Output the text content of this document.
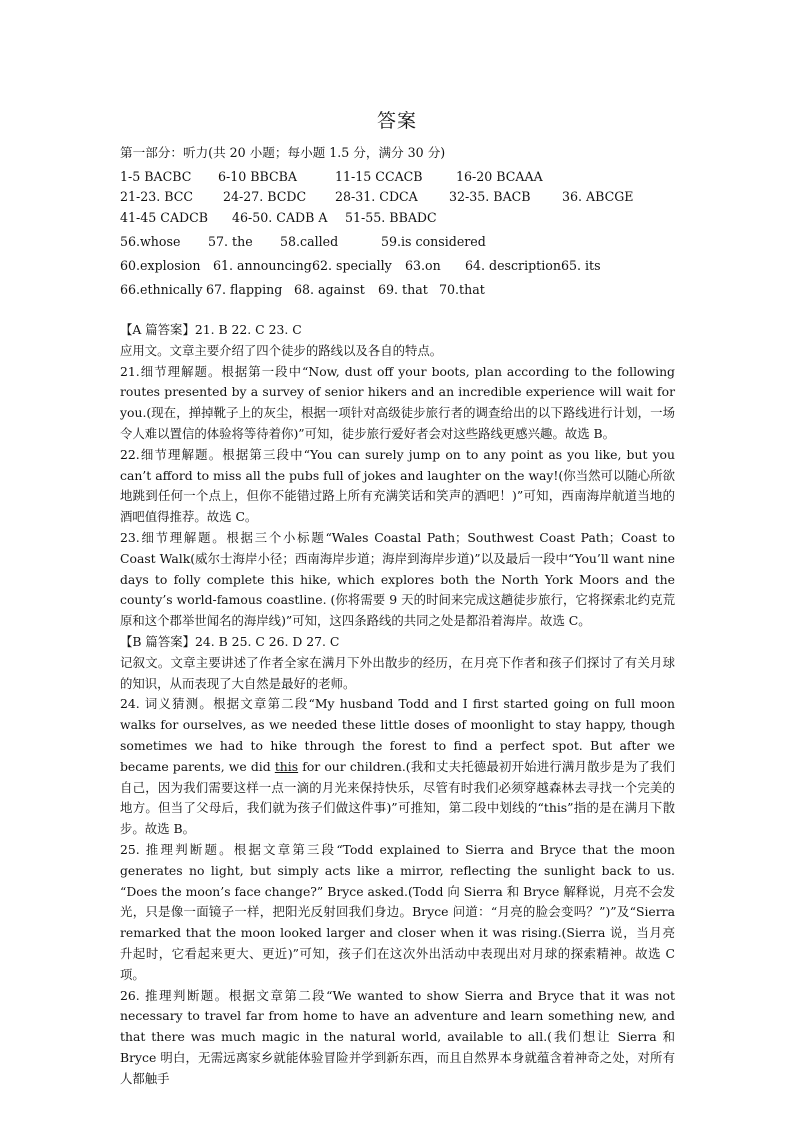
答案
第一部分：听力(共 20 小题；每小题 1.5 分，满分 30 分)
1-5 BACBC 6-10 BBCBA	11-15 CCACB	16-20 BCAAA
21-23. BCC 24-27. BCDC 28-31. CDCA 32-35. BACB 36. ABCGE
41-45 CADCB 46-50. CADB A 51-55. BBADC
56.whose 57. the 58.called	59.is considered
60.explosion 61. announcing 62. specially 63.on 64. description 65. its
66.ethnically 67. flapping 68. against 69. that 70.that

【A 篇答案】21. B 22. C 23. C

应用文。文章主要介绍了四个徒步的路线以及各自的特点。

21.细节理解题。根据第一段中“Now, dust off your boots, plan according to the following routes presented by a survey of senior hikers and an incredible experience will wait for you.(现在，掸掉靴子上的灰尘，根据一项针对高级徒步旅行者的调查给出的以下路线进行计划，一场令人难以置信的体验将等待着你)”可知，徒步旅行爱好者会对这些路线更感兴趣。故选 B。

22.细节理解题。根据第三段中“You can surely jump on to any point as you like, but you can’t afford to miss all the pubs full of jokes and laughter on the way!(你当然可以随心所欲地跳到任何一个点上，但你不能错过路上所有充满笑话和笑声的酒吧！)”可知，西南海岸航道当地的酒吧值得推荐。故选 C。

23.细节理解题。根据三个小标题“Wales Coastal Path；Southwest Coast Path；Coast to Coast Walk(威尔士海岸小径；西南海岸步道；海岸到海岸步道)”以及最后一段中“You’ll want nine days to folly complete this hike, which explores both the North York Moors and the county’s world-famous coastline. (你将需要 9 天的时间来完成这趟徒步旅行，它将探索北约克荒原和这个郡举世闻名的海岸线)”可知，这四条路线的共同之处是都沿着海岸。故选 C。

【B 篇答案】24. B 25. C 26. D 27. C

记叙文。文章主要讲述了作者全家在满月下外出散步的经历，在月亮下作者和孩子们探讨了有关月球的知识，从而表现了大自然是最好的老师。

24. 词义猜测。根据文章第二段“My husband Todd and I first started going on full moon walks for ourselves, as we needed these little doses of moonlight to stay happy, though sometimes we had to hike through the forest to find a perfect spot. But after we became parents, we did this for our children.(我和丈夫托德最初开始进行满月散步是为了我们自己，因为我们需要这样一点一滴的月光来保持快乐，尽管有时我们必须穿越森林去寻找一个完美的地方。但当了父母后，我们就为孩子们做这件事)”可推知，第二段中划线的“this”指的是在满月下散步。故选 B。

25. 推理判断题。根据文章第三段“Todd explained to Sierra and Bryce that the moon generates no light, but simply acts like a mirror, reflecting the sunlight back to us. “Does the moon’s face change?” Bryce asked.(Todd 向 Sierra 和 Bryce 解释说，月亮不会发光，只是像一面镜子一样，把阳光反射回我们身边。Bryce 问道：“月亮的脸会变吗？”)”及“Sierra remarked that the moon looked larger and closer when it was rising.(Sierra 说，当月亮升起时，它看起来更大、更近)”可知，孩子们在这次外出活动中表现出对月球的探索精神。故选 C 项。

26. 推理判断题。根据文章第二段“We wanted to show Sierra and Bryce that it was not necessary to travel far from home to have an adventure and learn something new, and that there was much magic in the natural world, available to all.(我们想让 Sierra 和 Bryce 明白，无需远离家乡就能体验冒险并学到新东西，而且自然界本身就蕴含着神奇之处，对所有人都触手
